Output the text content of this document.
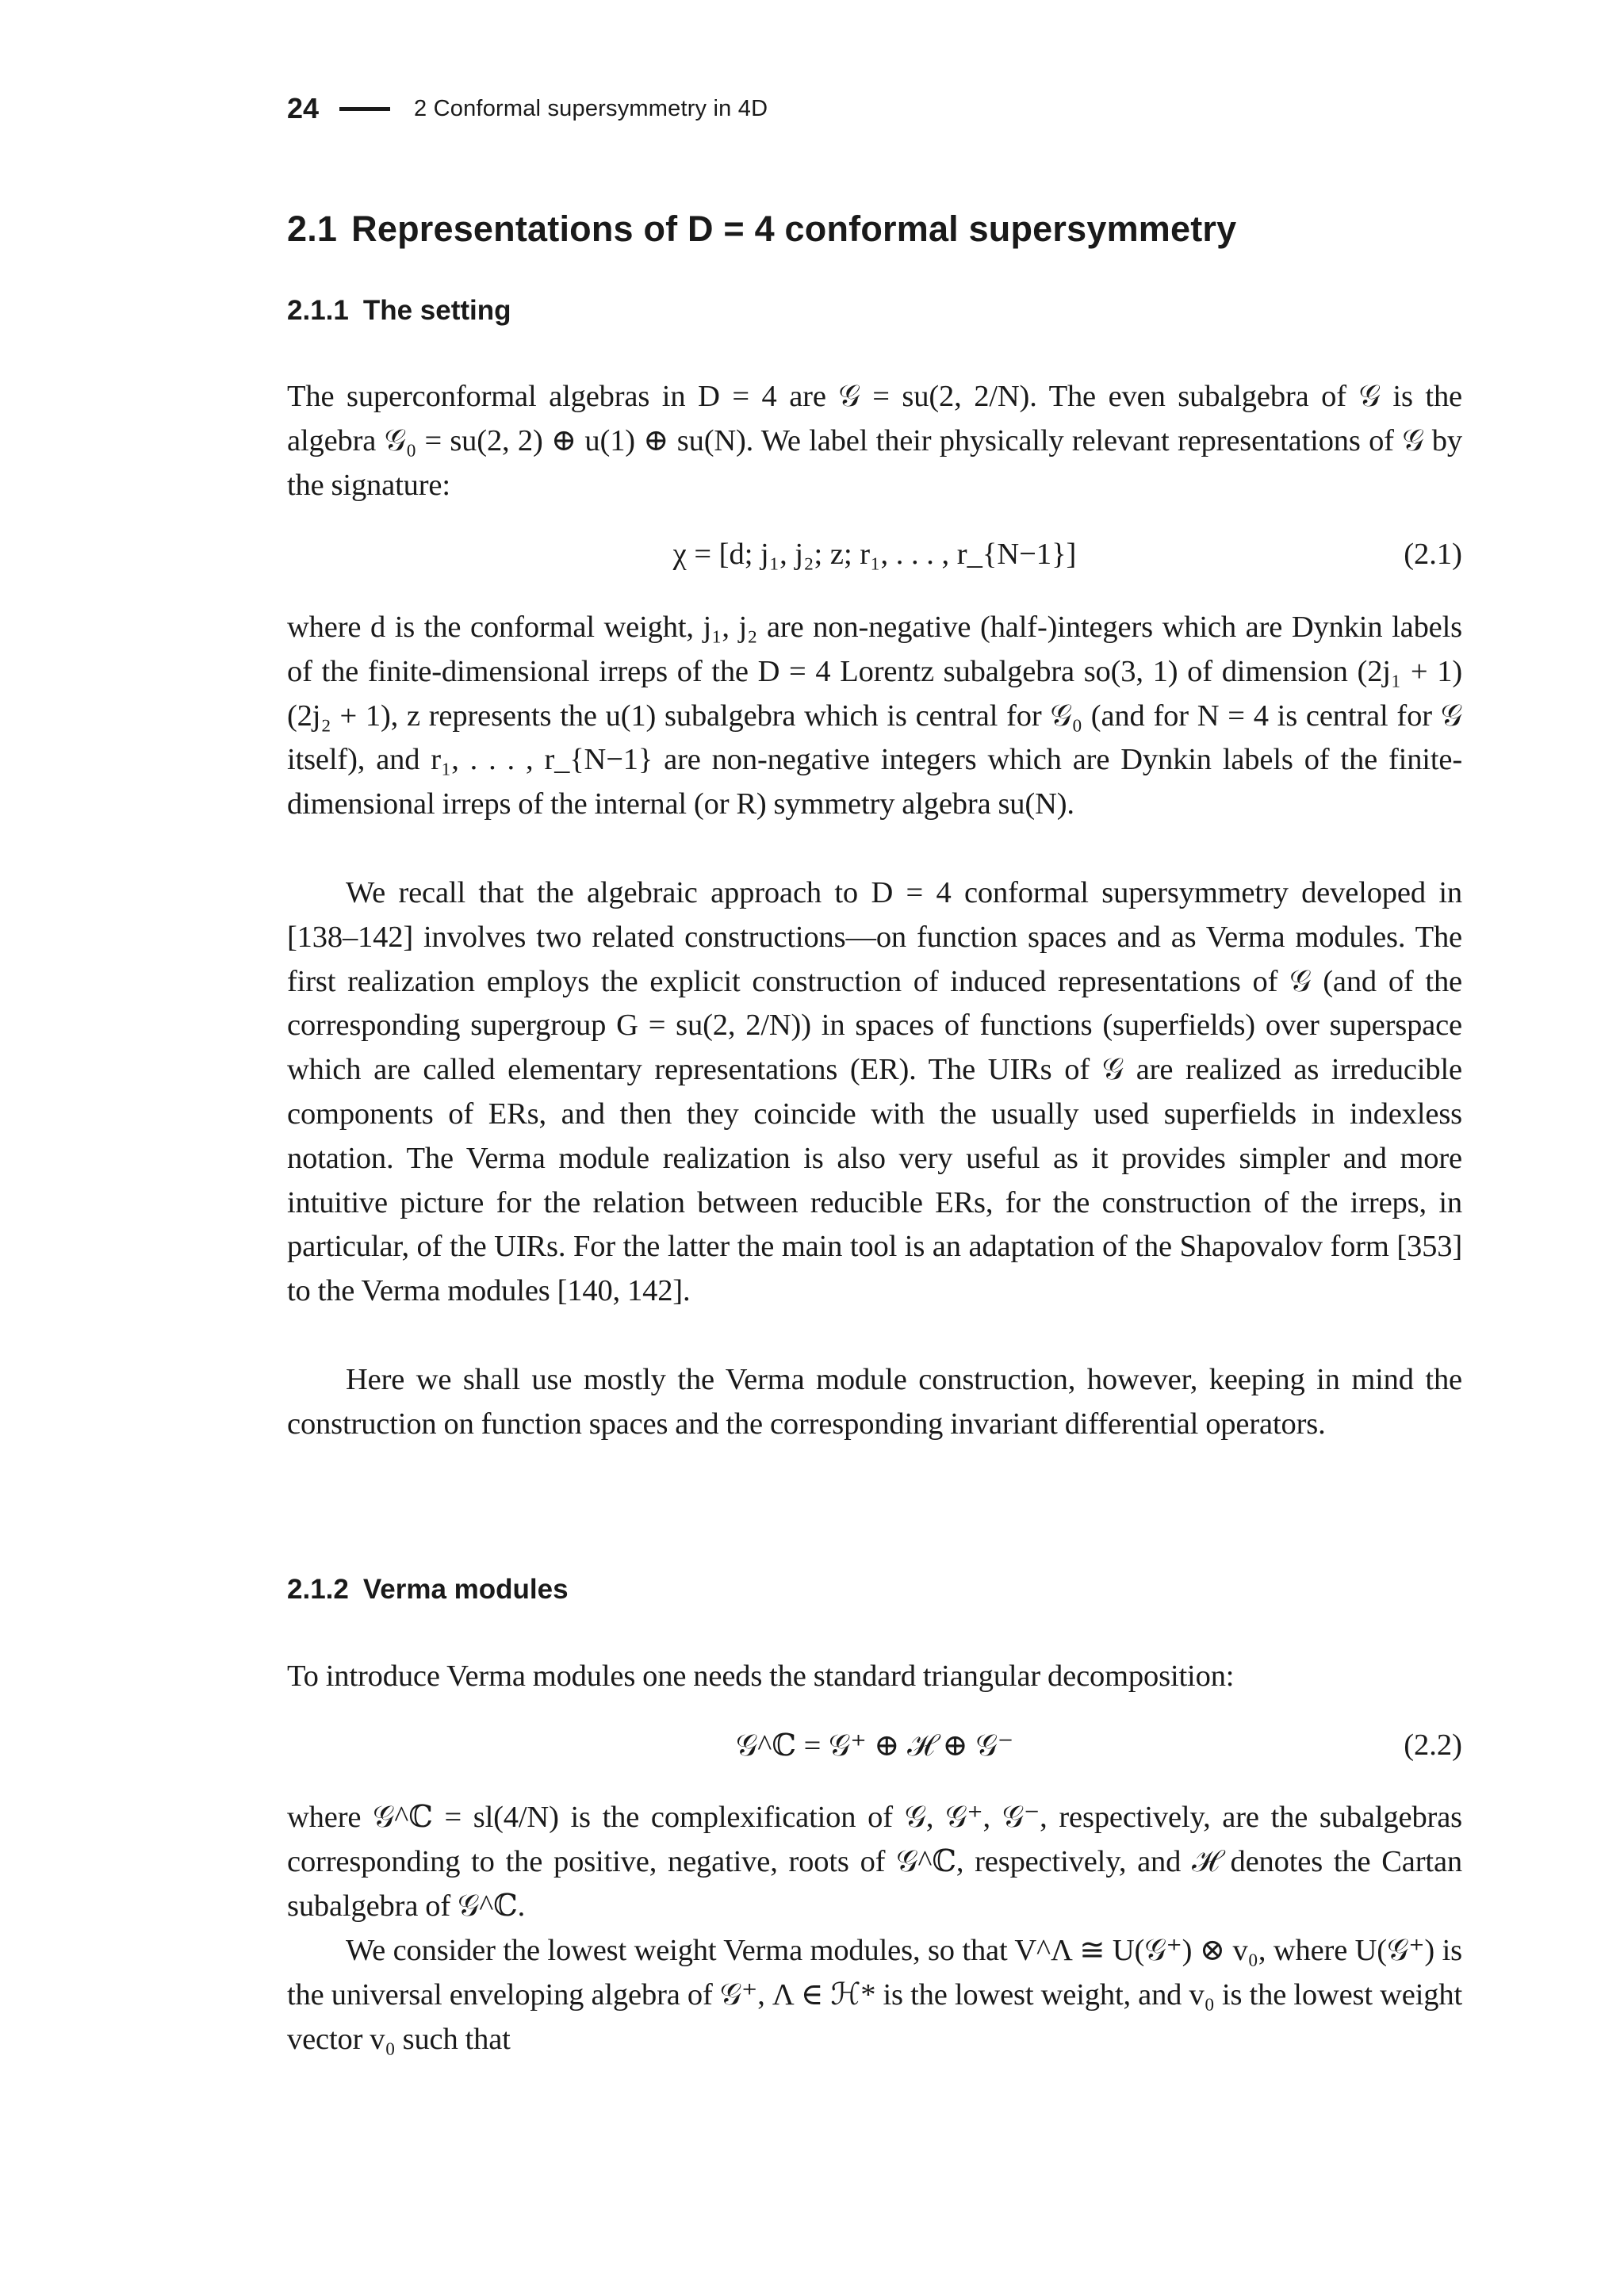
24	2 Conformal supersymmetry in 4D
2.1 Representations of D = 4 conformal supersymmetry
2.1.1 The setting

The superconformal algebras in D = 4 are 𝒢 = su(2, 2/N). The even subalgebra of 𝒢 is the algebra 𝒢₀ = su(2, 2) ⊕ u(1) ⊕ su(N). We label their physically relevant representations of 𝒢 by the signature:

χ = [d; j₁, j₂; z; r₁, . . . , r_{N−1}]	(2.1)

where d is the conformal weight, j₁, j₂ are non-negative (half-)integers which are Dynkin labels of the finite-dimensional irreps of the D = 4 Lorentz subalgebra so(3, 1) of dimension (2j₁ + 1)(2j₂ + 1), z represents the u(1) subalgebra which is central for 𝒢₀ (and for N = 4 is central for 𝒢 itself), and r₁, . . . , r_{N−1} are non-negative integers which are Dynkin labels of the finite-dimensional irreps of the internal (or R) symmetry algebra su(N).

We recall that the algebraic approach to D = 4 conformal supersymmetry developed in [138–142] involves two related constructions—on function spaces and as Verma modules. The first realization employs the explicit construction of induced representations of 𝒢 (and of the corresponding supergroup G = su(2, 2/N)) in spaces of functions (superfields) over superspace which are called elementary representations (ER). The UIRs of 𝒢 are realized as irreducible components of ERs, and then they coincide with the usually used superfields in indexless notation. The Verma module realization is also very useful as it provides simpler and more intuitive picture for the relation between reducible ERs, for the construction of the irreps, in particular, of the UIRs. For the latter the main tool is an adaptation of the Shapovalov form [353] to the Verma modules [140, 142].

Here we shall use mostly the Verma module construction, however, keeping in mind the construction on function spaces and the corresponding invariant differential operators.

2.1.2 Verma modules

To introduce Verma modules one needs the standard triangular decomposition:

𝒢^ℂ = 𝒢⁺ ⊕ ℋ ⊕ 𝒢⁻	(2.2)

where 𝒢^ℂ = sl(4/N) is the complexification of 𝒢, 𝒢⁺, 𝒢⁻, respectively, are the subalgebras corresponding to the positive, negative, roots of 𝒢^ℂ, respectively, and ℋ denotes the Cartan subalgebra of 𝒢^ℂ.

We consider the lowest weight Verma modules, so that V^Λ ≅ U(𝒢⁺) ⊗ v₀, where U(𝒢⁺) is the universal enveloping algebra of 𝒢⁺, Λ ∈ ℋ* is the lowest weight, and v₀ is the lowest weight vector v₀ such that
